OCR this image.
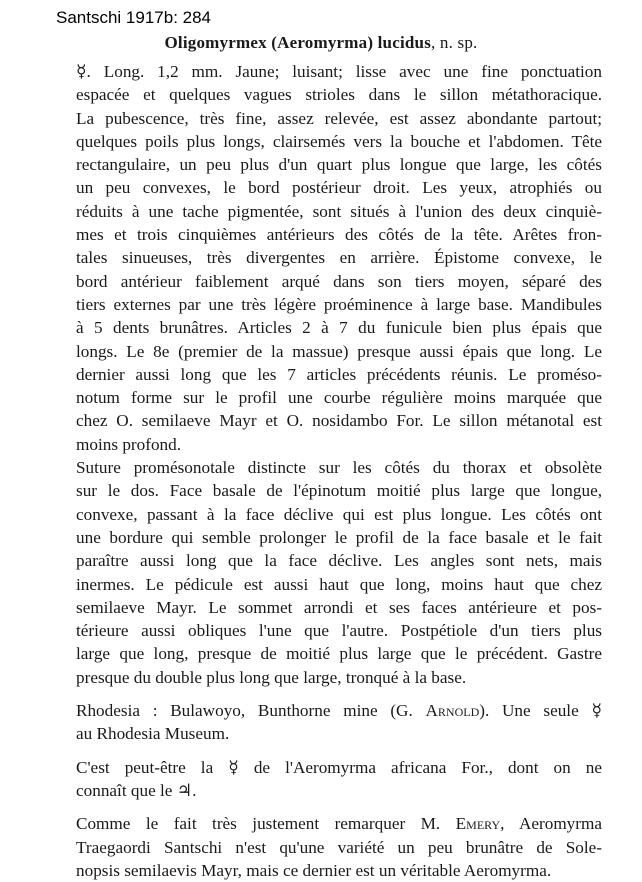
Santschi 1917b: 284
Oligomyrmex (Aeromyrma) lucidus, n. sp.
☿. Long. 1,2 mm. Jaune; luisant; lisse avec une fine ponctuation
espacée et quelques vagues strioles dans le sillon métathoracique.
La pubescence, très fine, assez relevée, est assez abondante partout;
quelques poils plus longs, clairsemés vers la bouche et l'abdomen. Tête
rectangulaire, un peu plus d'un quart plus longue que large, les côtés
un peu convexes, le bord postérieur droit. Les yeux, atrophiés ou
réduits à une tache pigmentée, sont situés à l'union des deux cinquiè-
mes et trois cinquièmes antérieurs des côtés de la tête. Arêtes fron-
tales sinueuses, très divergentes en arrière. Épistome convexe, le
bord antérieur faiblement arqué dans son tiers moyen, séparé des
tiers externes par une très légère proéminence à large base. Mandibules
à 5 dents brunâtres. Articles 2 à 7 du funicule bien plus épais que
longs. Le 8e (premier de la massue) presque aussi épais que long. Le
dernier aussi long que les 7 articles précédents réunis. Le proméso-
notum forme sur le profil une courbe régulière moins marquée que
chez O. semilaeve Mayr et O. nosidambo For. Le sillon métanotal est
moins profond.
Suture promésonotale distincte sur les côtés du thorax et obsolète
sur le dos. Face basale de l'épinotum moitié plus large que longue,
convexe, passant à la face déclive qui est plus longue. Les côtés ont
une bordure qui semble prolonger le profil de la face basale et le fait
paraître aussi long que la face déclive. Les angles sont nets, mais
inermes. Le pédicule est aussi haut que long, moins haut que chez
semilaeve Mayr. Le sommet arrondi et ses faces antérieure et pos-
térieure aussi obliques l'une que l'autre. Postpétiole d'un tiers plus
large que long, presque de moitié plus large que le précédent. Gastre
presque du double plus long que large, tronqué à la base.
Rhodesia : Bulawoyo, Bunthorne mine (G. Arnold). Une seule ☿
au Rhodesia Museum.
C'est peut-être la ☿ de l'Aeromyrma africana For., dont on ne
connaît que le ♃.
Comme le fait très justement remarquer M. Emery, Aeromyrma
Traegaordi Santschi n'est qu'une variété un peu brunâtre de Sole-
nopsis semilaevis Mayr, mais ce dernier est un véritable Aeromyrma.
